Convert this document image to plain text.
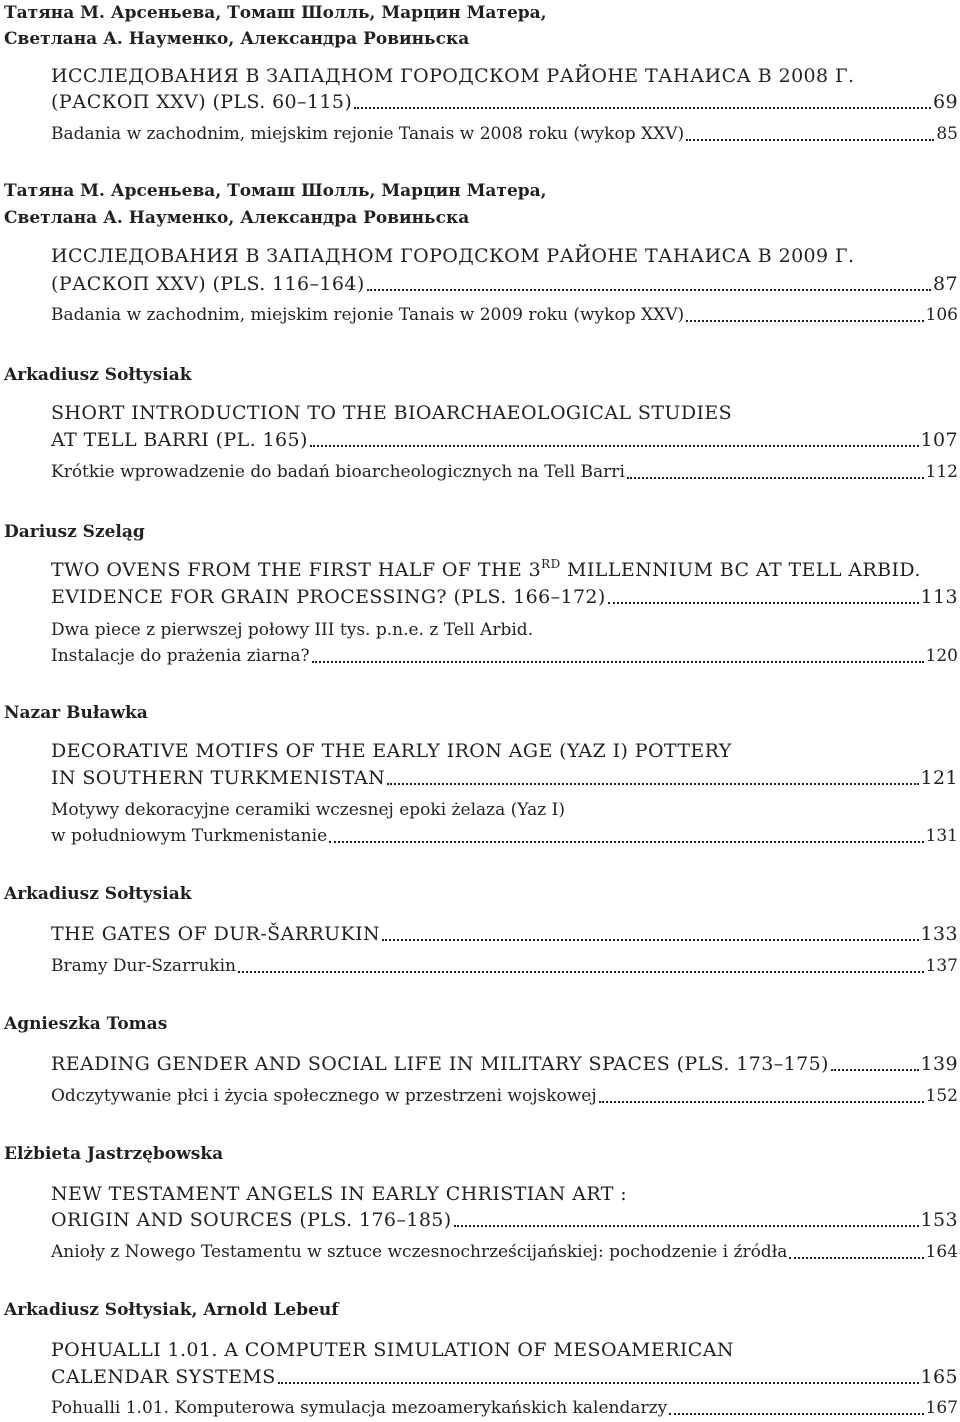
Татяна М. Арсеньева, Томаш Шолль, Марцин Матера,
Светлана А. Науменко, Александра Ровиньска
ИССЛЕДОВАНИЯ В ЗАПАДНОМ ГОРОДСКОМ РАЙОНЕ ТАНАИСА В 2008 Г.
(РАСКОП XXV) (PLS. 60–115)	69
Badania w zachodnim, miejskim rejonie Tanais w 2008 roku (wykop XXV)	85
Татяна М. Арсеньева, Томаш Шолль, Марцин Матера,
Светлана А. Науменко, Александра Ровиньска
ИССЛЕДОВАНИЯ В ЗАПАДНОМ ГОРОДСКОМ РАЙОНЕ ТАНАИСА В 2009 Г.
(РАСКОП XXV) (PLS. 116–164)	87
Badania w zachodnim, miejskim rejonie Tanais w 2009 roku (wykop XXV)	106
Arkadiusz Sołtysiak
SHORT INTRODUCTION TO THE BIOARCHAEOLOGICAL STUDIES
AT TELL BARRI (PL. 165)	107
Krótkie wprowadzenie do badań bioarcheologicznych na Tell Barri	112
Dariusz Szeląg
TWO OVENS FROM THE FIRST HALF OF THE 3RD MILLENNIUM BC AT TELL ARBID.
EVIDENCE FOR GRAIN PROCESSING? (PLS. 166–172)	113
Dwa piece z pierwszej połowy III tys. p.n.e. z Tell Arbid.
Instalacje do prażenia ziarna?	120
Nazar Buławka
DECORATIVE MOTIFS OF THE EARLY IRON AGE (YAZ I) POTTERY
IN SOUTHERN TURKMENISTAN	121
Motywy dekoracyjne ceramiki wczesnej epoki żelaza (Yaz I)
w południowym Turkmenistanie	131
Arkadiusz Sołtysiak
THE GATES OF DUR-ŠARRUKIN	133
Bramy Dur-Szarrukin	137
Agnieszka Tomas
READING GENDER AND SOCIAL LIFE IN MILITARY SPACES (PLS. 173–175)	139
Odczytywanie płci i życia społecznego w przestrzeni wojskowej	152
Elżbieta Jastrzębowska
NEW TESTAMENT ANGELS IN EARLY CHRISTIAN ART :
ORIGIN AND SOURCES (PLS. 176–185)	153
Anioły z Nowego Testamentu w sztuce wczesnochrześcijańskiej: pochodzenie i źródła	164
Arkadiusz Sołtysiak, Arnold Lebeuf
POHUALLI 1.01. A COMPUTER SIMULATION OF MESOAMERICAN
CALENDAR SYSTEMS	165
Pohualli 1.01. Komputerowa symulacja mezoamerykańskich kalendarzy	167
